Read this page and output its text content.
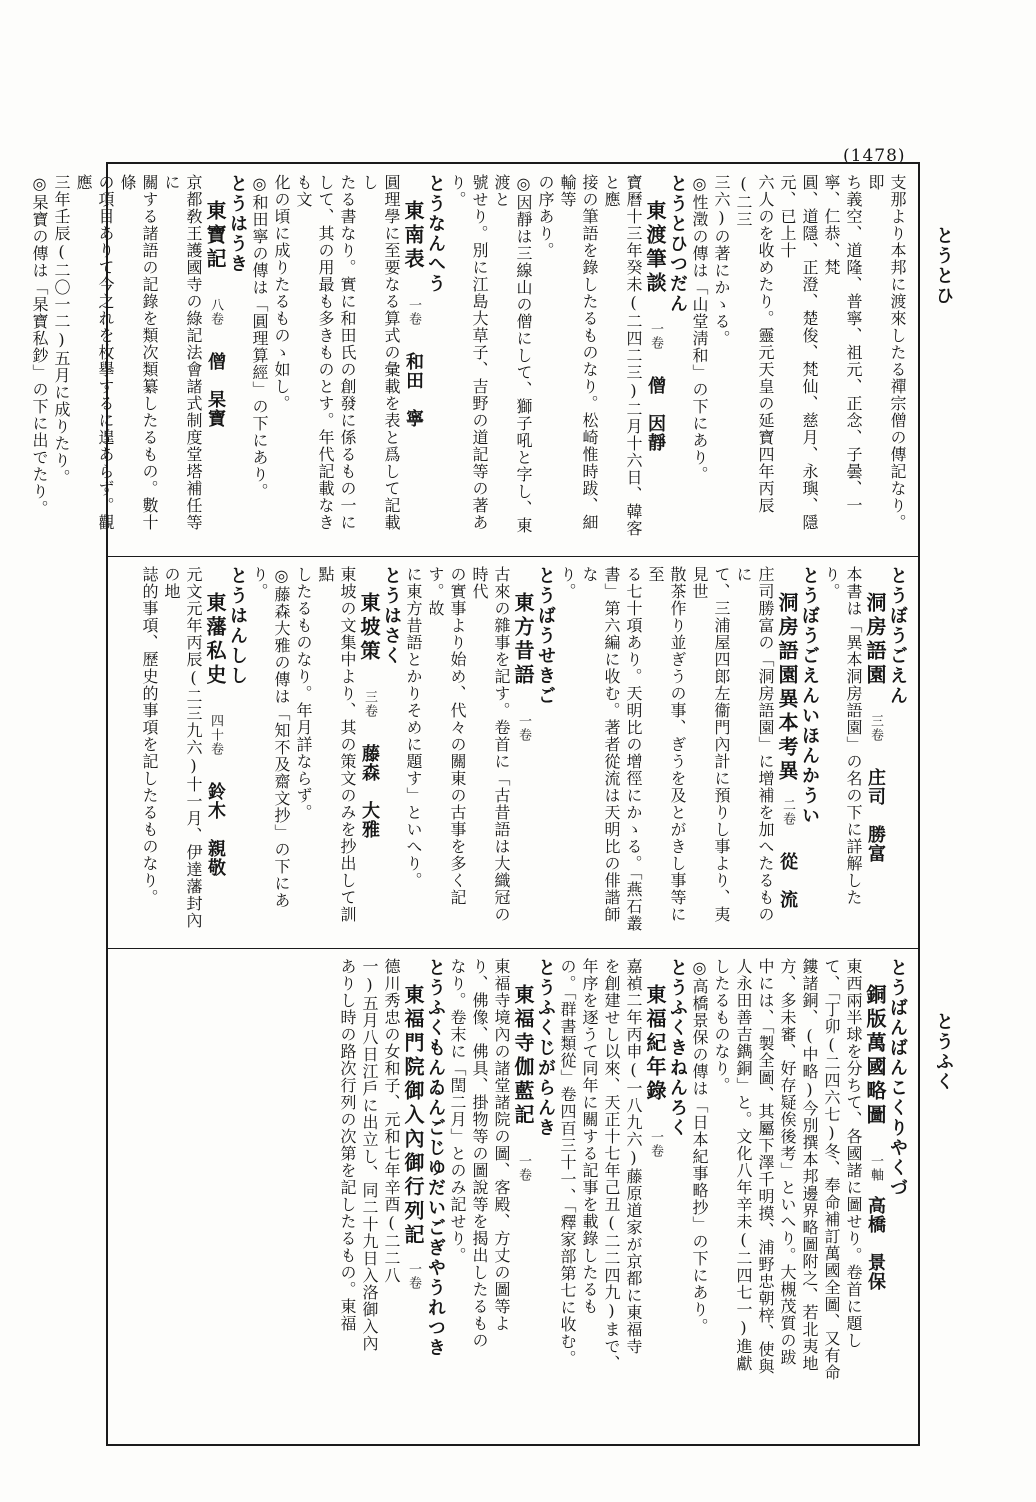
(1478)
とうとひ
とうふく

支那より本邦に渡來したる禪宗僧の傳記なり。即

ち義空、道隆、普寧、祖元、正念、子曇、一寧、仁恭、梵

圓、道隱、正澄、楚俊、梵仙、慈月、永璵、隱元、已上十

六人のを收めたり。靈元天皇の延寶四年丙辰(二三

三六)の著にかゝる。

◎性澂の傳は「山堂淸和」の下にあり。

とうとひつだん

東渡筆談一卷僧　因靜

寶曆十三年癸未(二四二三)二月十六日、韓客と應

接の筆語を錄したるものなり。松崎惟時跋、細輸等

の序あり。

◎因靜は三線山の僧にして、獅子吼と字し、東渡と

號せり。別に江島大草子、吉野の道記等の著あり。

とうなんへう

東南表一卷和田　寧

圓理學に至要なる算式の彙載を表と爲して記載し

たる書なり。實に和田氏の創發に係るもの一に

して、其の用最も多きものとす。年代記載なきも文

化の頃に成りたるものゝ如し。

◎和田寧の傳は「圓理算經」の下にあり。

とうはうき

東寶記八卷僧　杲寶

京都敎王護國寺の綠記法會諸式制度堂塔補任等に

關する諸語の記錄を類次類纂したるもの。數十條

の項目ありて今之れを枚擧するに遑あらず。觀應

三年壬辰(二〇一二)五月に成りたり。

◎杲寶の傳は「杲寶私鈔」の下に出でたり。

とうぼうごえん

洞房語園三卷庄司　勝富

本書は「異本洞房語園」の名の下に詳解したり。

とうぼうごえんいほんかうい

洞房語園異本考異二卷從　流

庄司勝富の「洞房語園」に增補を加へたるものに

て、三浦屋四郎左衞門內計に預りし事より、夷見世

散茶作り並ぎうの事、ぎうを及とがきし事等に至

る七十項あり。天明比の增徑にかゝる。「燕石叢

書」第六編に收む。著者從流は天明比の俳諧師な

り。

とうばうせきご

東方昔語一卷

古來の雜事を記す。卷首に「古昔語は大織冠の時代

の實事より始め、代々の關東の古事を多く記す。故

に東方昔語とかりそめに題す」といへり。

とうはさく

東坡策三卷藤森　大雅

東坡の文集中より、其の策文のみを抄出して訓點

したるものなり。年月詳ならず。

◎藤森大雅の傳は「知不及齋文抄」の下にあり。

とうはんしし

東藩私史四十卷鈴木　親敬

元文元年丙辰(二三九六)十一月、伊達藩封內の地

誌的事項、歷史的事項を記したるものなり。

とうばんばんこくりやくづ

銅版萬國略圖一軸高橋　景保

東西兩半球を分ちて、各國諸に圖せり。卷首に題し

て、「丁卯(二四六七)冬、奉命補訂萬國全圖、又有命

鏤諸銅、(中略)今別撰本邦邊界略圖附之、若北夷地

方、多未審、好存疑俟後考」といへり。大槻茂質の跋

中には、「製全圖、其屬下澤千明摸、浦野忠朝梓、使與

人永田善吉鐫銅」と。文化八年辛未(二四七一)進獻

したるものなり。

◎高橋景保の傳は「日本紀事略抄」の下にあり。

とうふくきねんろく

東福紀年錄一卷

嘉禎二年丙申(一八九六)藤原道家が京都に東福寺

を創建せし以來、天正十七年己丑(二二四九)まで、

年序を逐うて同年に關する記事を載錄したるも

の。「群書類從」卷四百三十一、「釋家部第七に收む。

とうふくじがらんき

東福寺伽藍記一卷

東福寺境內の諸堂諸院の圖、客殿、方丈の圖等よ

り、佛像、佛具、掛物等の圖說等を揭出したるもの

なり。卷末に「閏二月」とのみ記せり。

とうふくもんゐんごじゆだいごぎやうれつき

東福門院御入內御行列記一卷

德川秀忠の女和子、元和七年辛酉(二二八

一)五月八日江戶に出立し、同二十九日入洛御入內

ありし時の路次行列の次第を記したるもの。東福
